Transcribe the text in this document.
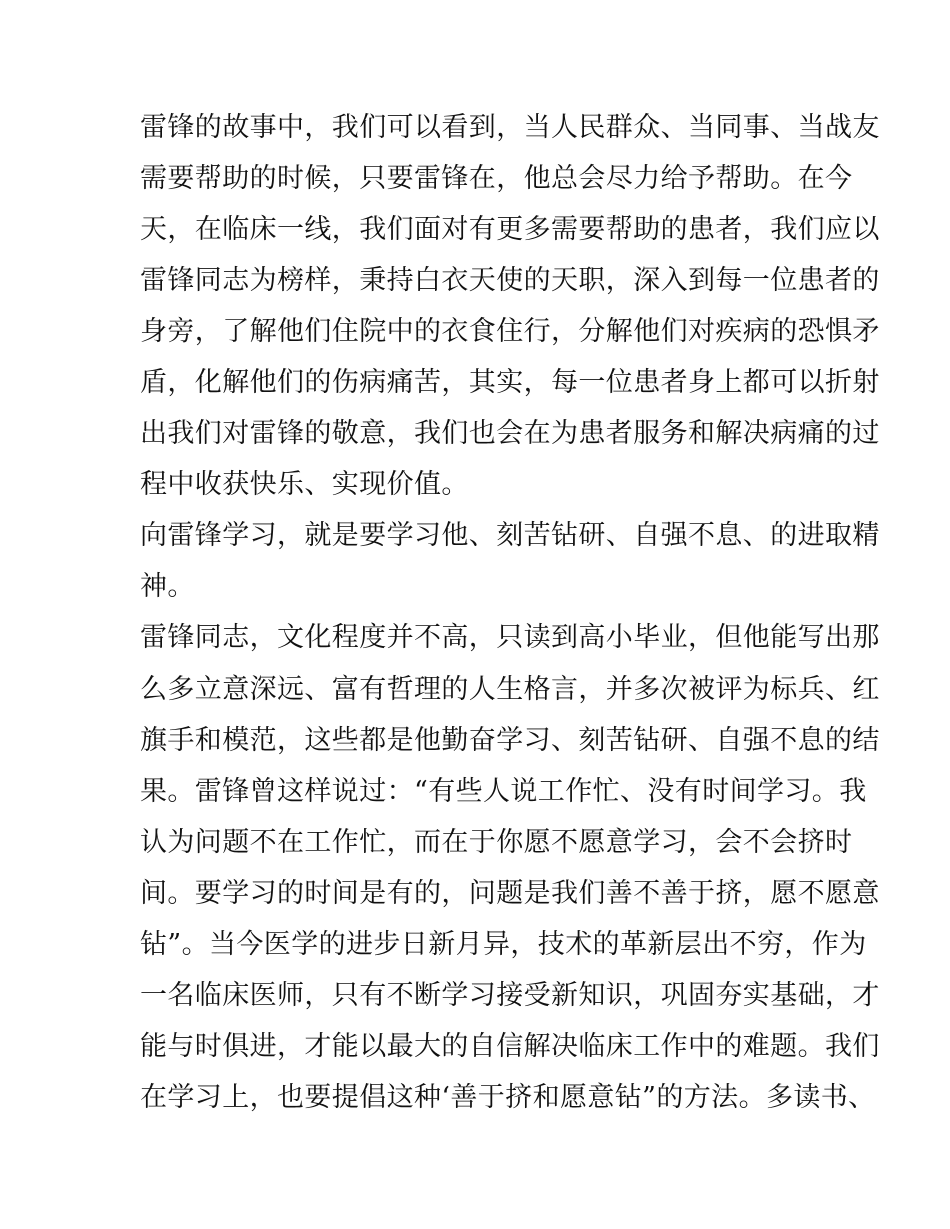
雷锋的故事中，我们可以看到，当人民群众、当同事、当战友
需要帮助的时候，只要雷锋在，他总会尽力给予帮助。在今
天，在临床一线，我们面对有更多需要帮助的患者，我们应以
雷锋同志为榜样，秉持白衣天使的天职，深入到每一位患者的
身旁，了解他们住院中的衣食住行，分解他们对疾病的恐惧矛
盾，化解他们的伤病痛苦，其实，每一位患者身上都可以折射
出我们对雷锋的敬意，我们也会在为患者服务和解决病痛的过
程中收获快乐、实现价值。
向雷锋学习，就是要学习他、刻苦钻研、自强不息、的进取精
神。
雷锋同志，文化程度并不高，只读到高小毕业，但他能写出那
么多立意深远、富有哲理的人生格言，并多次被评为标兵、红
旗手和模范，这些都是他勤奋学习、刻苦钻研、自强不息的结
果。雷锋曾这样说过：“有些人说工作忙、没有时间学习。我
认为问题不在工作忙，而在于你愿不愿意学习，会不会挤时
间。要学习的时间是有的，问题是我们善不善于挤，愿不愿意
钻”。当今医学的进步日新月异，技术的革新层出不穷，作为
一名临床医师，只有不断学习接受新知识，巩固夯实基础，才
能与时俱进，才能以最大的自信解决临床工作中的难题。我们
在学习上，也要提倡这种‘善于挤和愿意钻”的方法。多读书、
